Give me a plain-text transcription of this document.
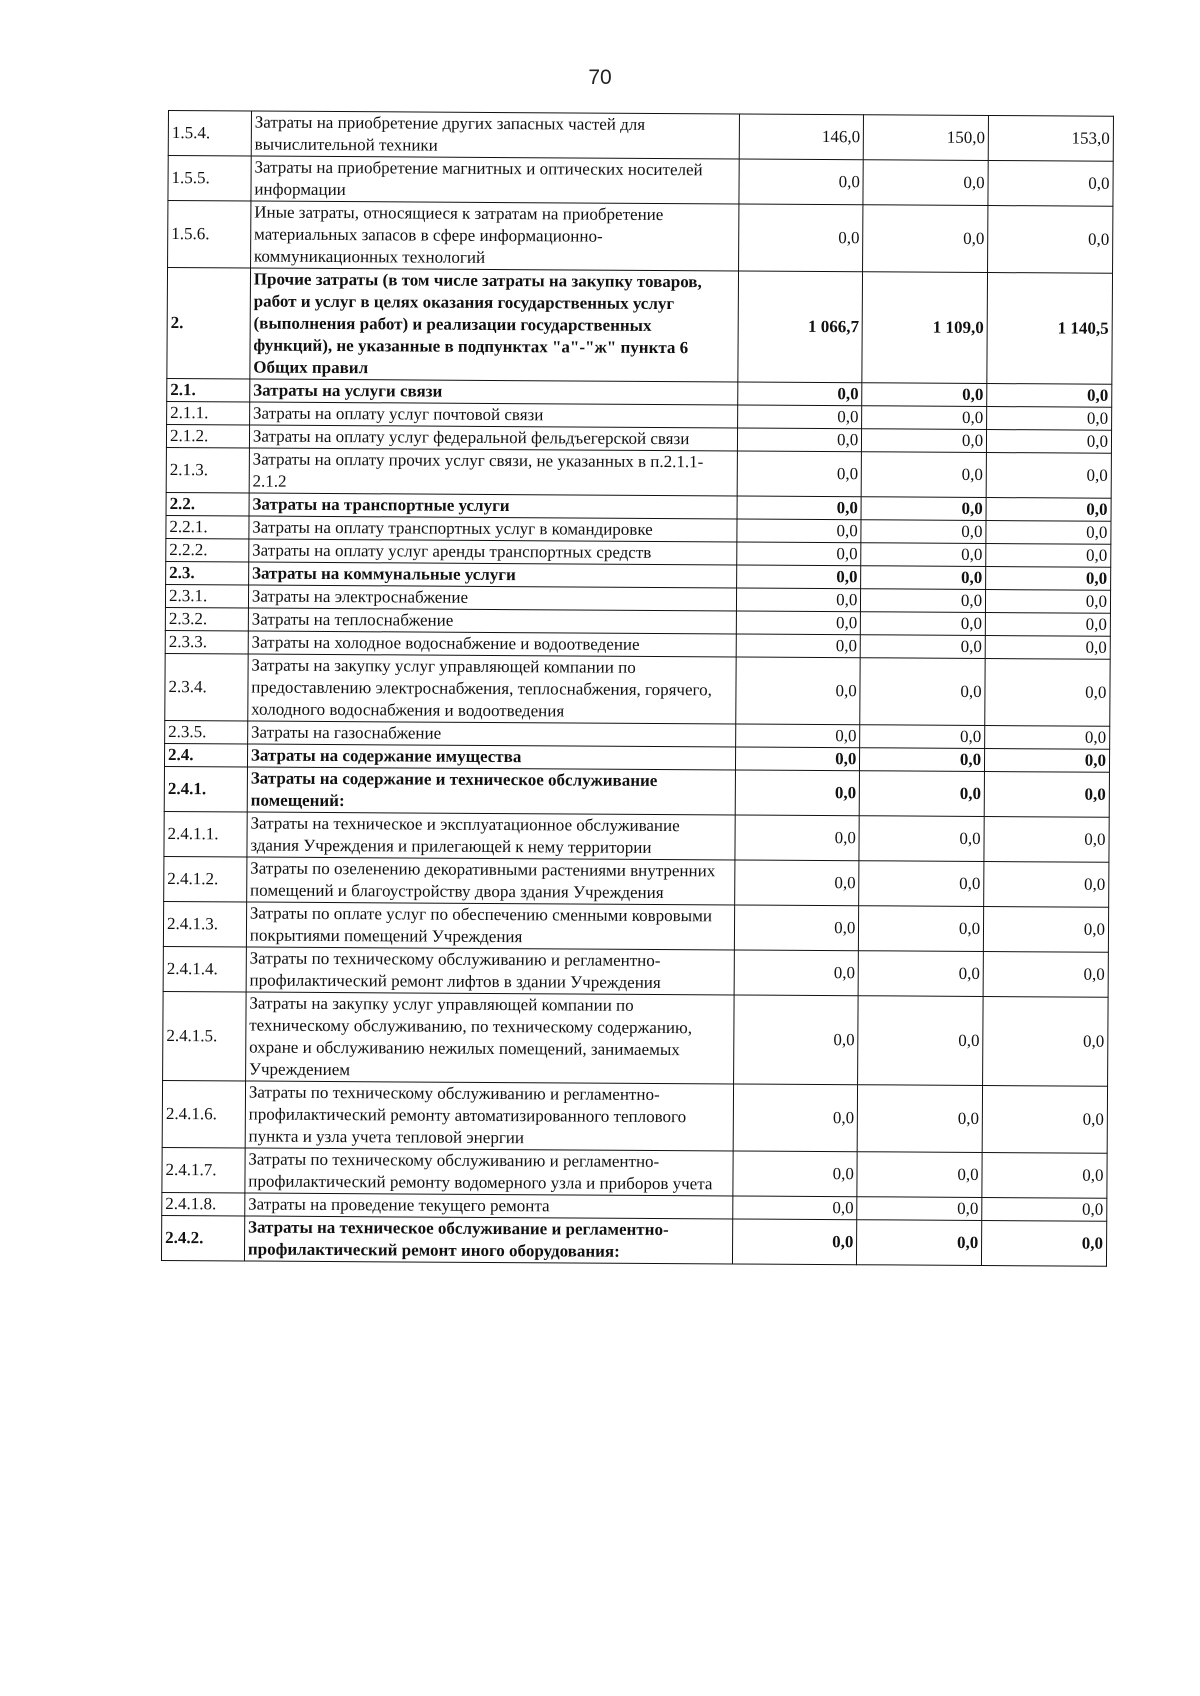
70
1.5.4.	Затраты на приобретение других запасных частей для вычислительной техники	146,0	150,0	153,0
1.5.5.	Затраты на приобретение магнитных и оптических носителей информации	0,0	0,0	0,0
1.5.6.	Иные затраты, относящиеся к затратам на приобретение материальных запасов в сфере информационно-коммуникационных технологий	0,0	0,0	0,0
2.	Прочие затраты (в том числе затраты на закупку товаров, работ и услуг в целях оказания государственных услуг (выполнения работ) и реализации государственных функций), не указанные в подпунктах "а"-"ж" пункта 6 Общих правил	1 066,7	1 109,0	1 140,5
2.1.	Затраты на услуги связи	0,0	0,0	0,0
2.1.1.	Затраты на оплату услуг почтовой связи	0,0	0,0	0,0
2.1.2.	Затраты на оплату услуг федеральной фельдъегерской связи	0,0	0,0	0,0
2.1.3.	Затраты на оплату прочих услуг связи, не указанных в п.2.1.1-2.1.2	0,0	0,0	0,0
2.2.	Затраты на транспортные услуги	0,0	0,0	0,0
2.2.1.	Затраты на оплату транспортных услуг в командировке	0,0	0,0	0,0
2.2.2.	Затраты на оплату услуг аренды транспортных средств	0,0	0,0	0,0
2.3.	Затраты на коммунальные услуги	0,0	0,0	0,0
2.3.1.	Затраты на электроснабжение	0,0	0,0	0,0
2.3.2.	Затраты на теплоснабжение	0,0	0,0	0,0
2.3.3.	Затраты на холодное водоснабжение и водоотведение	0,0	0,0	0,0
2.3.4.	Затраты на закупку услуг управляющей компании по предоставлению электроснабжения, теплоснабжения, горячего, холодного водоснабжения и водоотведения	0,0	0,0	0,0
2.3.5.	Затраты на газоснабжение	0,0	0,0	0,0
2.4.	Затраты на содержание имущества	0,0	0,0	0,0
2.4.1.	Затраты на содержание и техническое обслуживание помещений:	0,0	0,0	0,0
2.4.1.1.	Затраты на техническое и эксплуатационное обслуживание здания Учреждения и прилегающей к нему территории	0,0	0,0	0,0
2.4.1.2.	Затраты по озеленению декоративными растениями внутренних помещений и благоустройству двора здания Учреждения	0,0	0,0	0,0
2.4.1.3.	Затраты по оплате услуг по обеспечению сменными ковровыми покрытиями помещений Учреждения	0,0	0,0	0,0
2.4.1.4.	Затраты по техническому обслуживанию и регламентно-профилактический ремонт лифтов в здании Учреждения	0,0	0,0	0,0
2.4.1.5.	Затраты на закупку услуг управляющей компании по техническому обслуживанию, по техническому содержанию, охране и обслуживанию нежилых помещений, занимаемых Учреждением	0,0	0,0	0,0
2.4.1.6.	Затраты по техническому обслуживанию и регламентно-профилактический ремонту автоматизированного теплового пункта и узла учета тепловой энергии	0,0	0,0	0,0
2.4.1.7.	Затраты по техническому обслуживанию и регламентно-профилактический ремонту водомерного узла и приборов учета	0,0	0,0	0,0
2.4.1.8.	Затраты на проведение текущего ремонта	0,0	0,0	0,0
2.4.2.	Затраты на техническое обслуживание и регламентно-профилактический ремонт иного оборудования:	0,0	0,0	0,0
